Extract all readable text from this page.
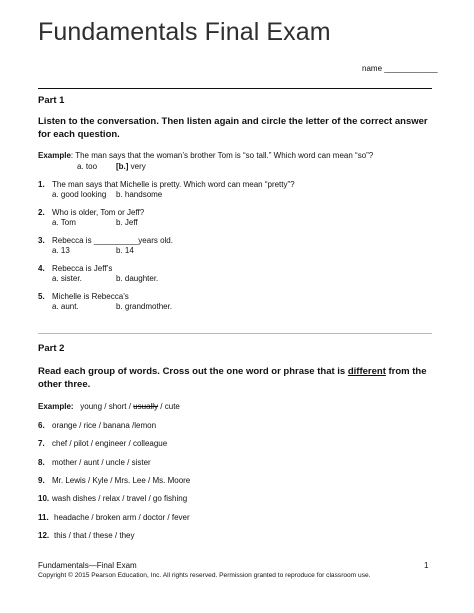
Fundamentals Final Exam
name ____________
Part 1
Listen to the conversation. Then listen again and circle the letter of the correct answer for each question.
Example: The man says that the woman’s brother Tom is “so tall.” Which word can mean “so”?
a. too [b.] very
1. The man says that Michelle is pretty. Which word can mean “pretty”?
a. good looking b. handsome
2. Who is older, Tom or Jeff?
a. Tom	b. Jeff
3. Rebecca is __________years old.
a. 13	b. 14
4. Rebecca is Jeff’s
a. sister.	b. daughter.
5. Michelle is Rebecca’s
a. aunt.	b. grandmother.
Part 2
Read each group of words. Cross out the one word or phrase that is different from the other three.
Example: young / short / usually / cute
6. orange / rice / banana /lemon
7. chef / pilot / engineer / colleague
8. mother / aunt / uncle / sister
9. Mr. Lewis / Kyle / Mrs. Lee / Ms. Moore
10. wash dishes / relax / travel / go fishing
11. headache / broken arm / doctor / fever
12. this / that / these / they
Fundamentals—Final Exam	1
Copyright © 2015 Pearson Education, Inc. All rights reserved. Permission granted to reproduce for classroom use.
